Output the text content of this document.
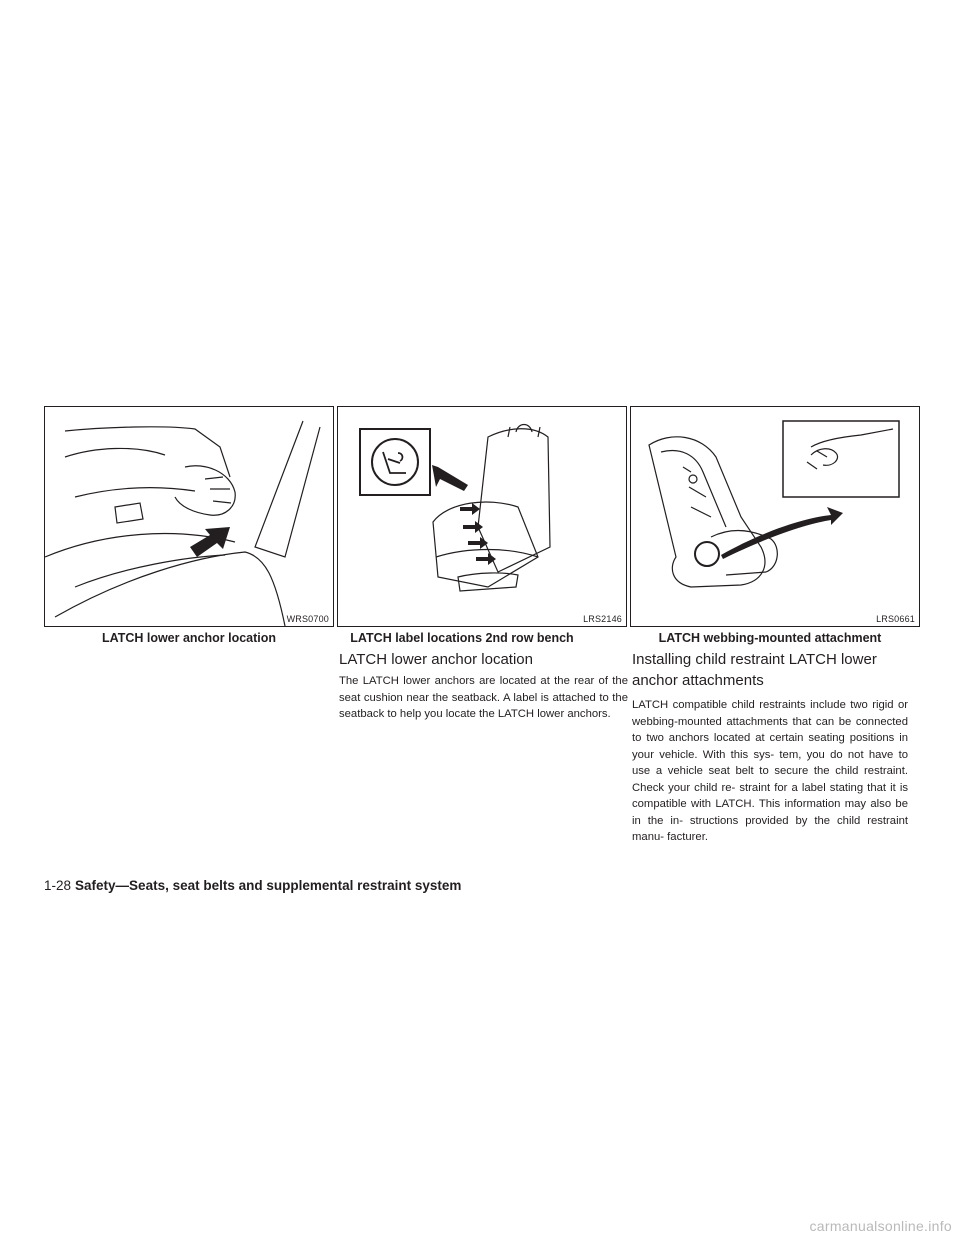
WRS0700
LATCH lower anchor location
LRS2146
LATCH label locations 2nd row bench
LRS0661
LATCH webbing-mounted attachment
LATCH lower anchor location

The LATCH lower anchors are located at the rear of the seat cushion near the seatback. A label is attached to the seatback to help you locate the LATCH lower anchors.

Installing child restraint LATCH lower anchor attachments

LATCH compatible child restraints include two rigid or webbing-mounted attachments that can be connected to two anchors located at certain seating positions in your vehicle. With this sys- tem, you do not have to use a vehicle seat belt to secure the child restraint. Check your child re- straint for a label stating that it is compatible with LATCH. This information may also be in the in- structions provided by the child restraint manu- facturer.

1-28 Safety—Seats, seat belts and supplemental restraint system
carmanualsonline.info
